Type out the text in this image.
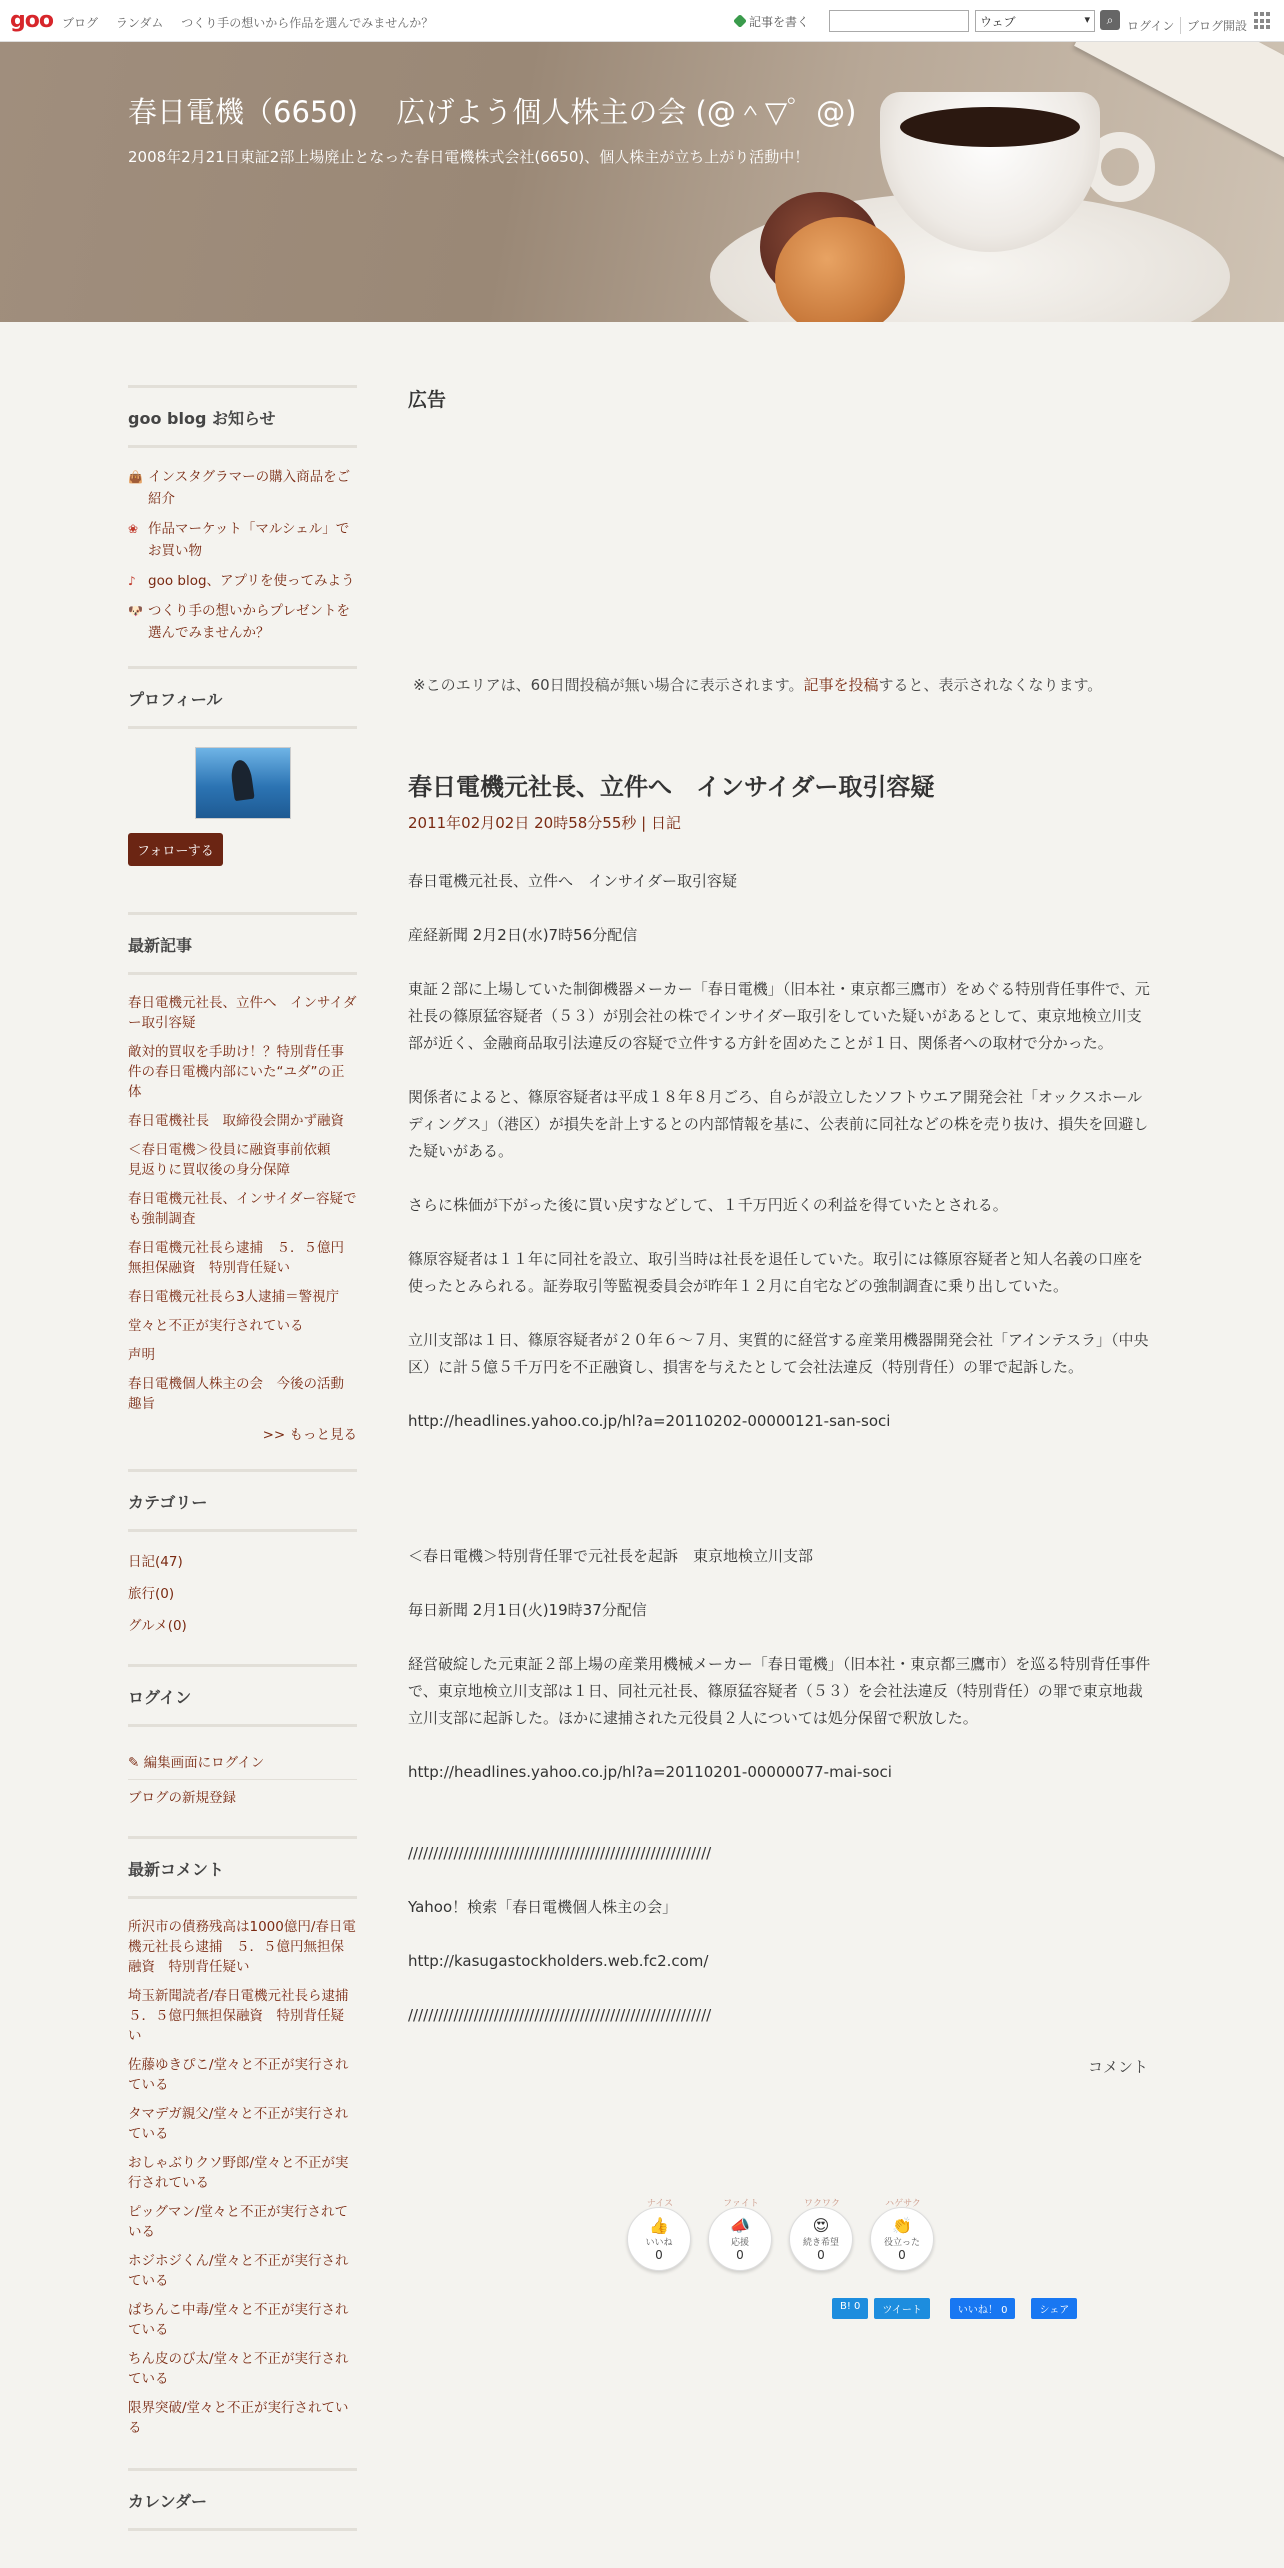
goo ブログ ランダム つくり手の想いから作品を選んでみませんか？	記事を書く	ウェブ ▾	⌕	ログイン	ブログ開設
春日電機（6650)　 広げよう個人株主の会 (@＾▽゜@)
2008年2月21日東証2部上場廃止となった春日電機株式会社(6650)、個人株主が立ち上がり活動中！
goo blog お知らせ
👜 インスタグラマーの購入商品をご紹介
❀ 作品マーケット「マルシェル」でお買い物
♪ goo blog、アプリを使ってみよう
🐶 つくり手の想いからプレゼントを選んでみませんか？
プロフィール
フォローする
最新記事
春日電機元社長、立件へ　インサイダー取引容疑
敵対的買収を手助け！？特別背任事件の春日電機内部にいた“ユダ”の正体
春日電機社長　取締役会開かず融資
＜春日電機＞役員に融資事前依頼　見返りに買収後の身分保障
春日電機元社長、インサイダー容疑でも強制調査
春日電機元社長ら逮捕　５．５億円無担保融資　特別背任疑い
春日電機元社長ら3人逮捕＝警視庁
堂々と不正が実行されている
声明
春日電機個人株主の会　今後の活動趣旨
>> もっと見る
カテゴリー
日記(47)
旅行(0)
グルメ(0)
ログイン
✎ 編集画面にログイン
ブログの新規登録
最新コメント
所沢市の債務残高は1000億円/春日電機元社長ら逮捕　５．５億円無担保融資　特別背任疑い
埼玉新聞読者/春日電機元社長ら逮捕　５．５億円無担保融資　特別背任疑い
佐藤ゆきぴこ/堂々と不正が実行されている
タマデガ親父/堂々と不正が実行されている
おしゃぶりクソ野郎/堂々と不正が実行されている
ピッグマン/堂々と不正が実行されている
ホジホジくん/堂々と不正が実行されている
ぱちんこ中毒/堂々と不正が実行されている
ちん皮のび太/堂々と不正が実行されている
限界突破/堂々と不正が実行されている
カレンダー
広告
※このエリアは、60日間投稿が無い場合に表示されます。記事を投稿すると、表示されなくなります。
春日電機元社長、立件へ　インサイダー取引容疑
2011年02月02日 20時58分55秒 | 日記

春日電機元社長、立件へ　インサイダー取引容疑

産経新聞 2月2日(水)7時56分配信

東証２部に上場していた制御機器メーカー「春日電機」（旧本社・東京都三鷹市）をめぐる特別背任事件で、元社長の篠原猛容疑者（５３）が別会社の株でインサイダー取引をしていた疑いがあるとして、東京地検立川支部が近く、金融商品取引法違反の容疑で立件する方針を固めたことが１日、関係者への取材で分かった。

関係者によると、篠原容疑者は平成１８年８月ごろ、自らが設立したソフトウエア開発会社「オックスホールディングス」（港区）が損失を計上するとの内部情報を基に、公表前に同社などの株を売り抜け、損失を回避した疑いがある。

さらに株価が下がった後に買い戻すなどして、１千万円近くの利益を得ていたとされる。

篠原容疑者は１１年に同社を設立、取引当時は社長を退任していた。取引には篠原容疑者と知人名義の口座を使ったとみられる。証券取引等監視委員会が昨年１２月に自宅などの強制調査に乗り出していた。

立川支部は１日、篠原容疑者が２０年６～７月、実質的に経営する産業用機器開発会社「アインテスラ」（中央区）に計５億５千万円を不正融資し、損害を与えたとして会社法違反（特別背任）の罪で起訴した。

http://headlines.yahoo.co.jp/hl?a=20110202-00000121-san-soci

＜春日電機＞特別背任罪で元社長を起訴　東京地検立川支部

毎日新聞 2月1日(火)19時37分配信

経営破綻した元東証２部上場の産業用機械メーカー「春日電機」（旧本社・東京都三鷹市）を巡る特別背任事件で、東京地検立川支部は１日、同社元社長、篠原猛容疑者（５３）を会社法違反（特別背任）の罪で東京地裁立川支部に起訴した。ほかに逮捕された元役員２人については処分保留で釈放した。

http://headlines.yahoo.co.jp/hl?a=20110201-00000077-mai-soci

////////////////////////////////////////////////////////////

Yahoo！検索「春日電機個人株主の会」

http://kasugastockholders.web.fc2.com/

////////////////////////////////////////////////////////////

コメント
ナイス
👍
いいね
0
ファイト
📣
応援
0
ワクワク
😍
続き希望
0
ハゲサク
👏
役立った
0
B! 0	ツイート	いいね！ 0	シェア
